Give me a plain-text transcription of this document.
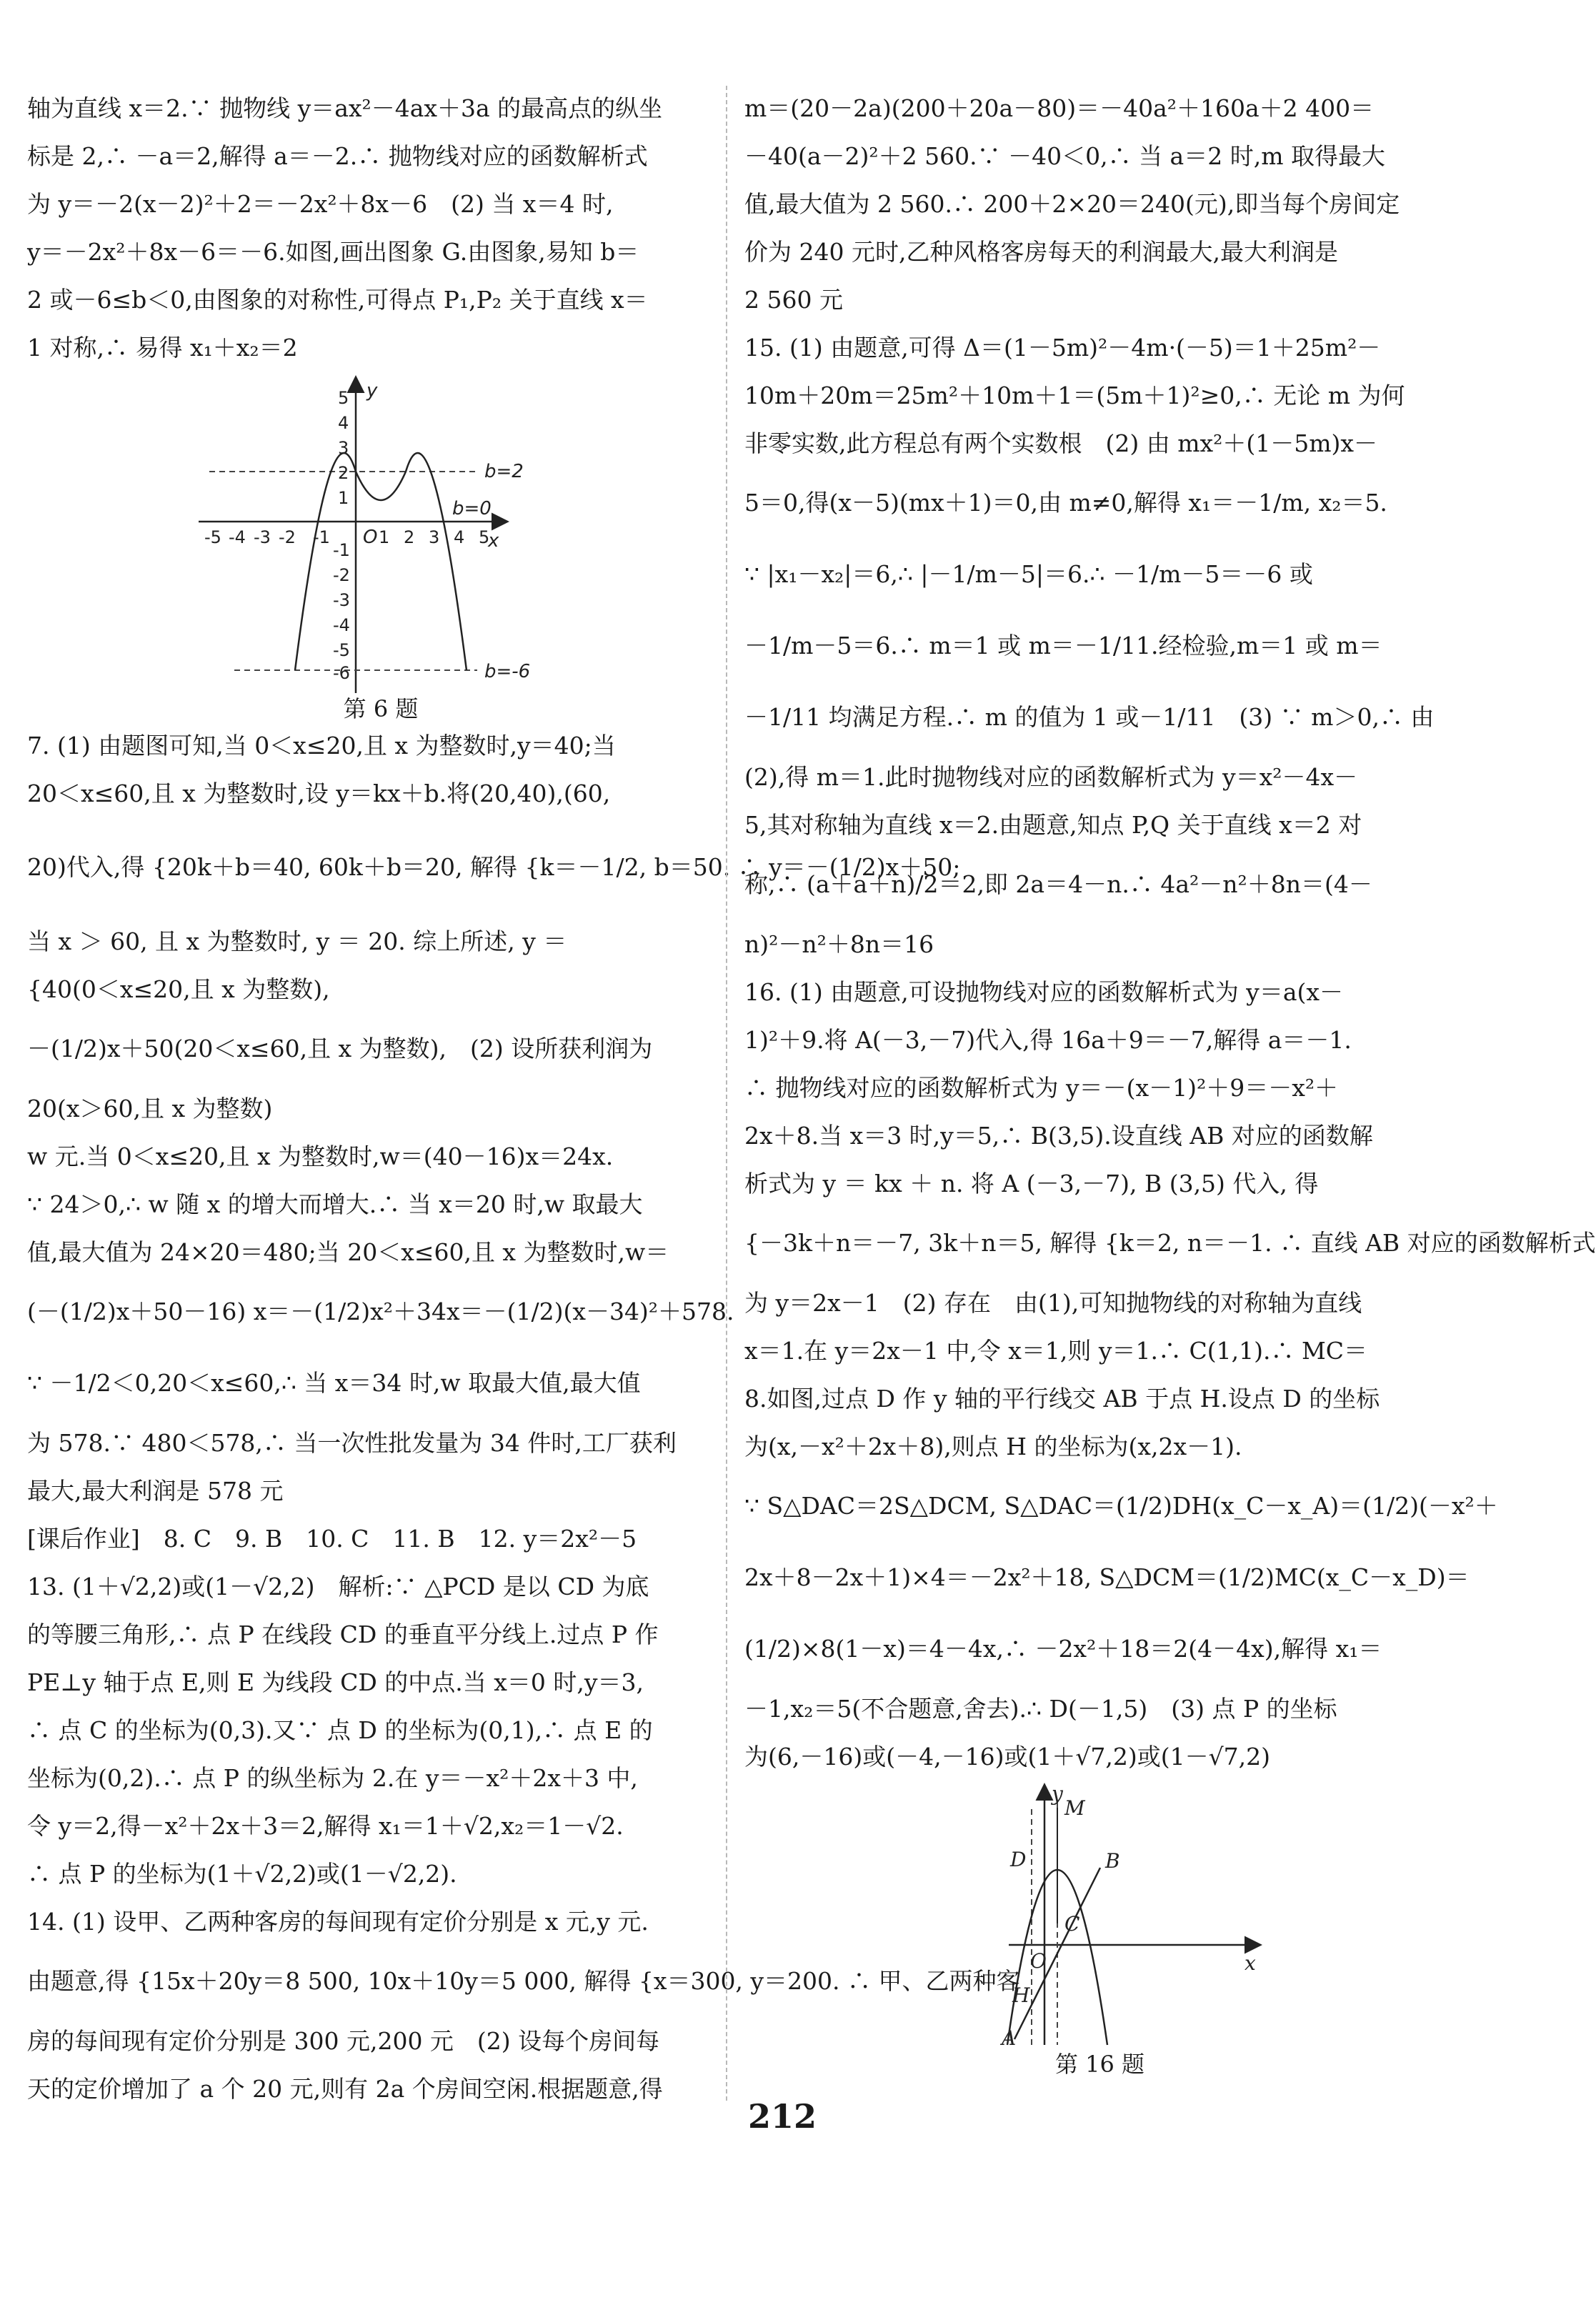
轴为直线 x＝2.∵ 抛物线 y＝ax²－4ax＋3a 的最高点的纵坐
标是 2,∴ －a＝2,解得 a＝－2.∴ 抛物线对应的函数解析式
为 y＝－2(x－2)²＋2＝－2x²＋8x－6　(2) 当 x＝4 时,
y＝－2x²＋8x－6＝－6.如图,画出图象 G.由图象,易知 b＝
2 或－6≤b＜0,由图象的对称性,可得点 P₁,P₂ 关于直线 x＝
1 对称,∴ 易得 x₁＋x₂＝2
y
x
O
b=2
b=0
b=-6
-5 -4 -3 -2 -1	1 2 3 4 5
5
4
3
2
1
-1
-2
-3
-4
-5
-6
第 6 题
7. (1) 由题图可知,当 0＜x≤20,且 x 为整数时,y＝40;当
20＜x≤60,且 x 为整数时,设 y＝kx＋b.将(20,40),(60,
20)代入,得 {20k＋b＝40, 60k＋b＝20, 解得 {k＝－1/2, b＝50. ∴ y＝－(1/2)x＋50;
当 x ＞ 60, 且 x 为整数时, y ＝ 20. 综上所述, y ＝
{40(0＜x≤20,且 x 为整数),
－(1/2)x＋50(20＜x≤60,且 x 为整数),　(2) 设所获利润为
20(x＞60,且 x 为整数)
w 元.当 0＜x≤20,且 x 为整数时,w＝(40－16)x＝24x.
∵ 24＞0,∴ w 随 x 的增大而增大.∴ 当 x＝20 时,w 取最大
值,最大值为 24×20＝480;当 20＜x≤60,且 x 为整数时,w＝
(－(1/2)x＋50－16) x＝－(1/2)x²＋34x＝－(1/2)(x－34)²＋578.
∵ －1/2＜0,20＜x≤60,∴ 当 x＝34 时,w 取最大值,最大值
为 578.∵ 480＜578,∴ 当一次性批发量为 34 件时,工厂获利
最大,最大利润是 578 元
[课后作业]　8. C　9. B　10. C　11. B　12. y＝2x²－5
13. (1＋√2,2)或(1－√2,2)　解析:∵ △PCD 是以 CD 为底
的等腰三角形,∴ 点 P 在线段 CD 的垂直平分线上.过点 P 作
PE⊥y 轴于点 E,则 E 为线段 CD 的中点.当 x＝0 时,y＝3,
∴ 点 C 的坐标为(0,3).又∵ 点 D 的坐标为(0,1),∴ 点 E 的
坐标为(0,2).∴ 点 P 的纵坐标为 2.在 y＝－x²＋2x＋3 中,
令 y＝2,得－x²＋2x＋3＝2,解得 x₁＝1＋√2,x₂＝1－√2.
∴ 点 P 的坐标为(1＋√2,2)或(1－√2,2).
14. (1) 设甲、乙两种客房的每间现有定价分别是 x 元,y 元.
由题意,得 {15x＋20y＝8 500, 10x＋10y＝5 000, 解得 {x＝300, y＝200. ∴ 甲、乙两种客
房的每间现有定价分别是 300 元,200 元　(2) 设每个房间每
天的定价增加了 a 个 20 元,则有 2a 个房间空闲.根据题意,得
m＝(20－2a)(200＋20a－80)＝－40a²＋160a＋2 400＝
－40(a－2)²＋2 560.∵ －40＜0,∴ 当 a＝2 时,m 取得最大
值,最大值为 2 560.∴ 200＋2×20＝240(元),即当每个房间定
价为 240 元时,乙种风格客房每天的利润最大,最大利润是
2 560 元
15. (1) 由题意,可得 Δ＝(1－5m)²－4m·(－5)＝1＋25m²－
10m＋20m＝25m²＋10m＋1＝(5m＋1)²≥0,∴ 无论 m 为何
非零实数,此方程总有两个实数根　(2) 由 mx²＋(1－5m)x－
5＝0,得(x－5)(mx＋1)＝0,由 m≠0,解得 x₁＝－1/m, x₂＝5.
∵ |x₁－x₂|＝6,∴ |－1/m－5|＝6.∴ －1/m－5＝－6 或
－1/m－5＝6.∴ m＝1 或 m＝－1/11.经检验,m＝1 或 m＝
－1/11 均满足方程.∴ m 的值为 1 或－1/11　(3) ∵ m＞0,∴ 由
(2),得 m＝1.此时抛物线对应的函数解析式为 y＝x²－4x－
5,其对称轴为直线 x＝2.由题意,知点 P,Q 关于直线 x＝2 对
称,∴ (a＋a＋n)/2＝2,即 2a＝4－n.∴ 4a²－n²＋8n＝(4－
n)²－n²＋8n＝16
16. (1) 由题意,可设抛物线对应的函数解析式为 y＝a(x－
1)²＋9.将 A(－3,－7)代入,得 16a＋9＝－7,解得 a＝－1.
∴ 抛物线对应的函数解析式为 y＝－(x－1)²＋9＝－x²＋
2x＋8.当 x＝3 时,y＝5,∴ B(3,5).设直线 AB 对应的函数解
析式为 y ＝ kx ＋ n. 将 A (－3,－7), B (3,5) 代入, 得
{－3k＋n＝－7, 3k＋n＝5, 解得 {k＝2, n＝－1. ∴ 直线 AB 对应的函数解析式
为 y＝2x－1　(2) 存在　由(1),可知抛物线的对称轴为直线
x＝1.在 y＝2x－1 中,令 x＝1,则 y＝1.∴ C(1,1).∴ MC＝
8.如图,过点 D 作 y 轴的平行线交 AB 于点 H.设点 D 的坐标
为(x,－x²＋2x＋8),则点 H 的坐标为(x,2x－1).
∵ S△DAC＝2S△DCM, S△DAC＝(1/2)DH(x_C－x_A)＝(1/2)(－x²＋
2x＋8－2x＋1)×4＝－2x²＋18, S△DCM＝(1/2)MC(x_C－x_D)＝
(1/2)×8(1－x)＝4－4x,∴ －2x²＋18＝2(4－4x),解得 x₁＝
－1,x₂＝5(不合题意,舍去).∴ D(－1,5)　(3) 点 P 的坐标
为(6,－16)或(－4,－16)或(1＋√7,2)或(1－√7,2)
y
x
M
D	B
C
O
H
A
第 16 题
212
